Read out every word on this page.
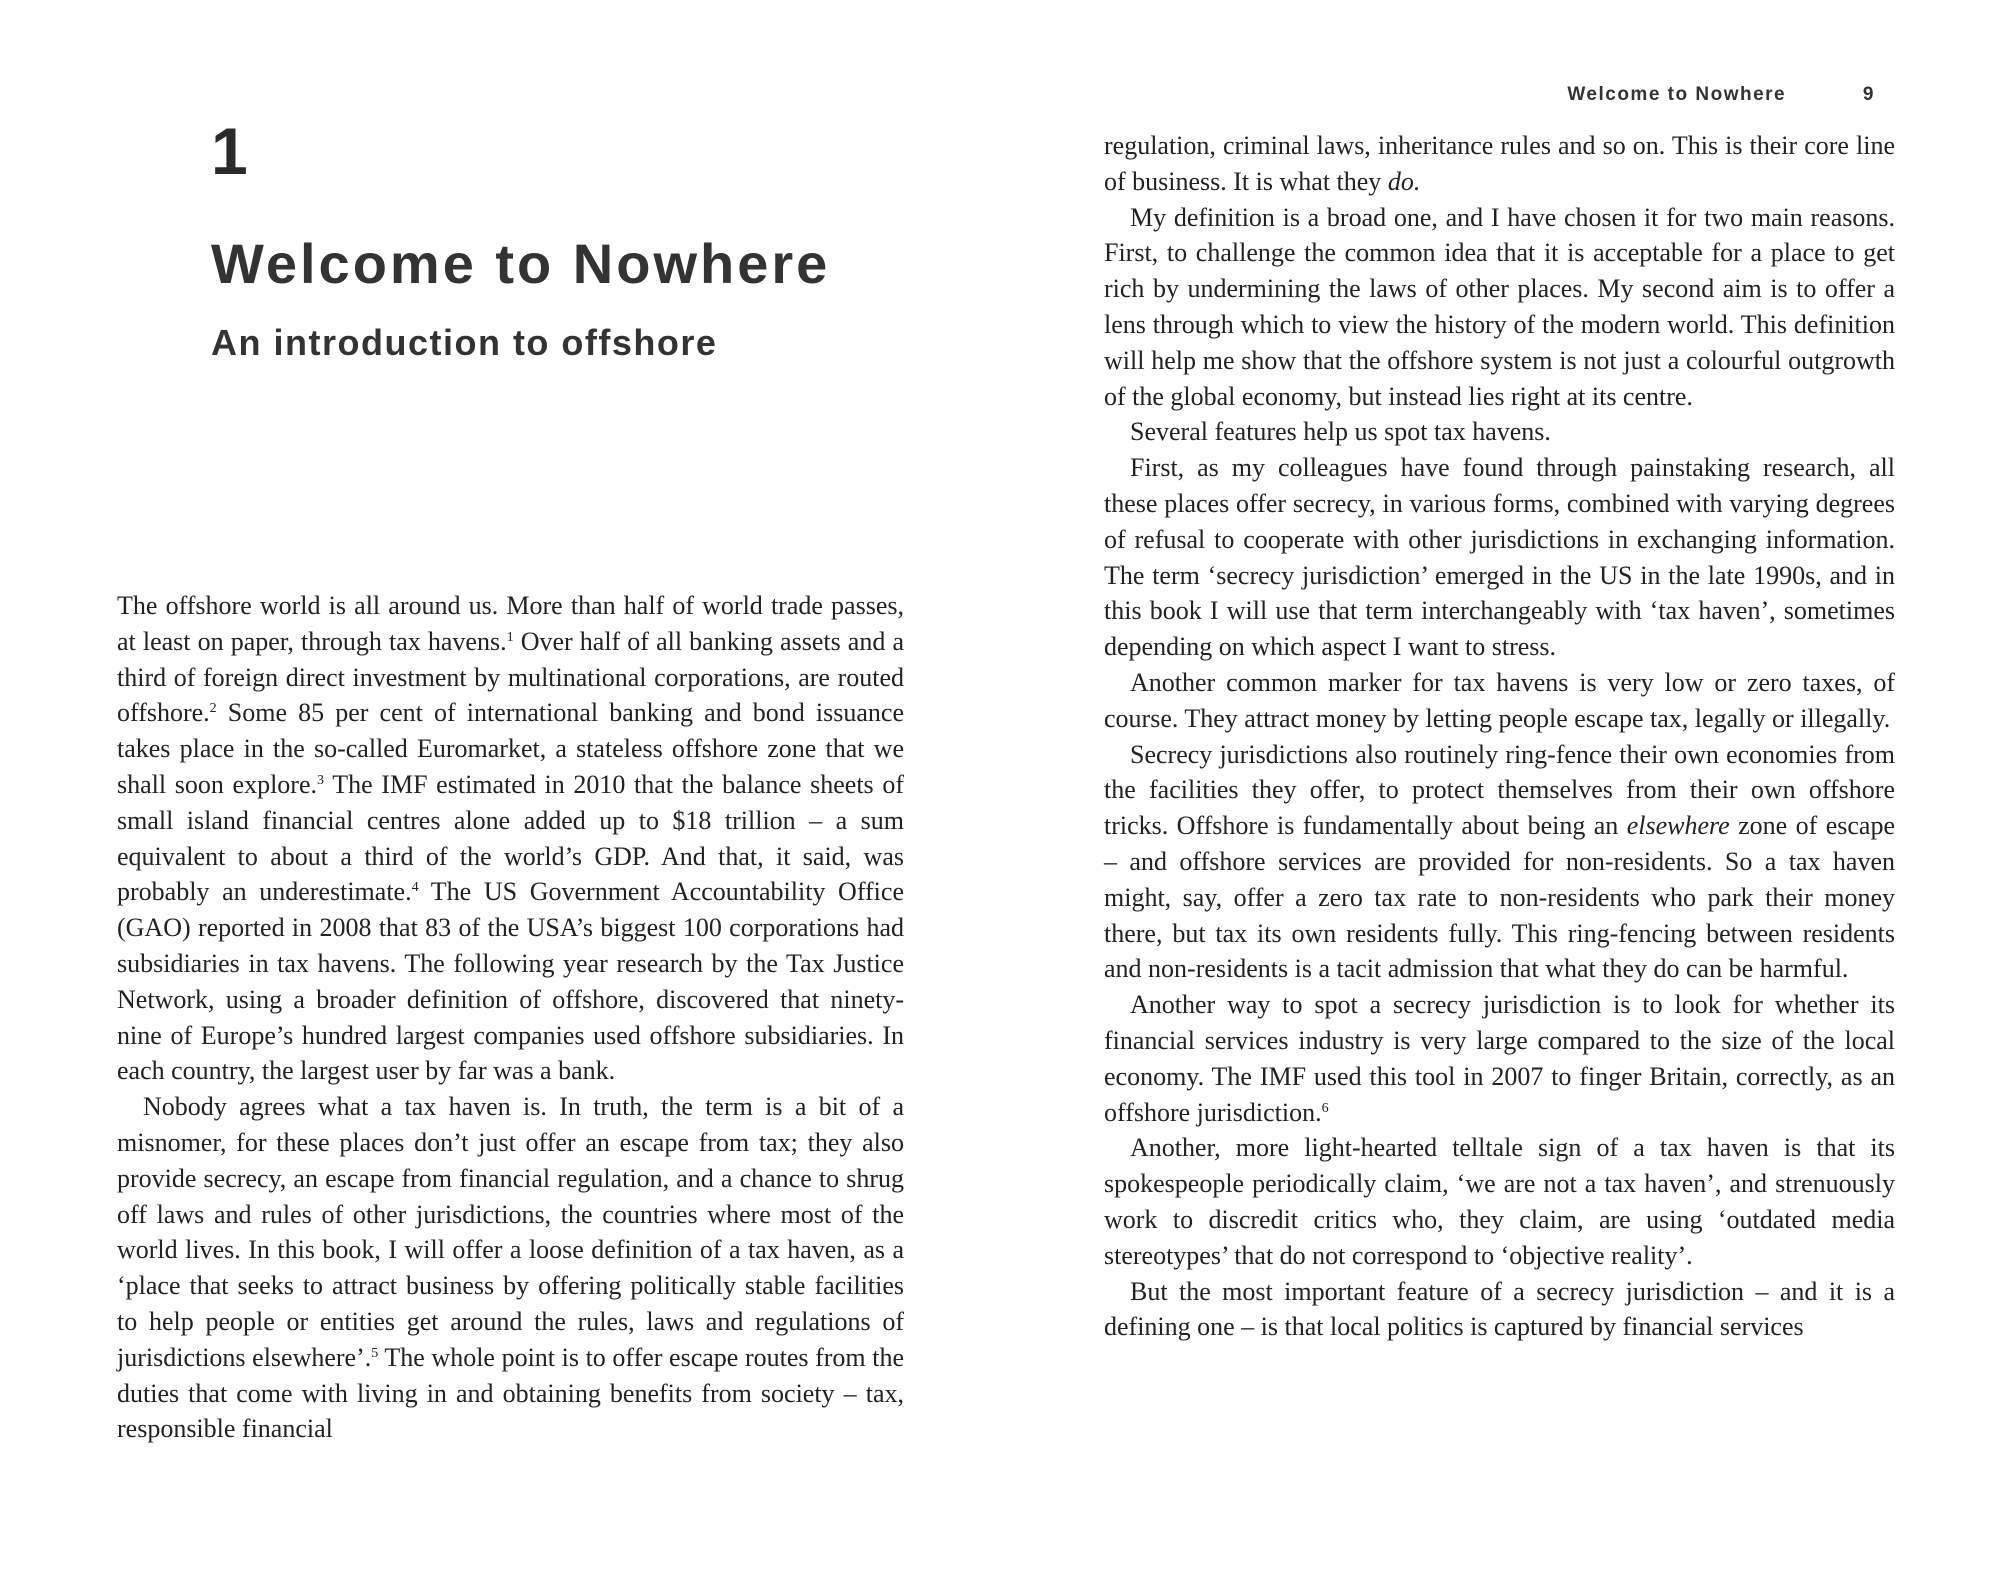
1
Welcome to Nowhere
An introduction to offshore

The offshore world is all around us. More than half of world trade passes, at least on paper, through tax havens.$^1$ Over half of all banking assets and a third of foreign direct investment by multinational corporations, are routed offshore.$^2$ Some 85 per cent of international banking and bond issuance takes place in the so-called Euromarket, a stateless offshore zone that we shall soon explore.$^3$ The IMF estimated in 2010 that the balance sheets of small island financial centres alone added up to $18 trillion – a sum equivalent to about a third of the world’s GDP. And that, it said, was probably an underestimate.$^4$ The US Government Accountability Office (GAO) reported in 2008 that 83 of the USA’s biggest 100 corporations had subsidiaries in tax havens. The following year research by the Tax Justice Network, using a broader definition of offshore, discovered that ninety-nine of Europe’s hundred largest companies used offshore subsidiaries. In each country, the largest user by far was a bank.

Nobody agrees what a tax haven is. In truth, the term is a bit of a misnomer, for these places don’t just offer an escape from tax; they also provide secrecy, an escape from financial regulation, and a chance to shrug off laws and rules of other jurisdictions, the countries where most of the world lives. In this book, I will offer a loose definition of a tax haven, as a ‘place that seeks to attract business by offering politically stable facilities to help people or entities get around the rules, laws and regulations of jurisdictions elsewhere’.$^5$ The whole point is to offer escape routes from the duties that come with living in and obtaining benefits from society – tax, responsible financial

Welcome to Nowhere	9

regulation, criminal laws, inheritance rules and so on. This is their core line of business. It is what they do.

My definition is a broad one, and I have chosen it for two main reasons. First, to challenge the common idea that it is acceptable for a place to get rich by undermining the laws of other places. My second aim is to offer a lens through which to view the history of the modern world. This definition will help me show that the offshore system is not just a colourful outgrowth of the global economy, but instead lies right at its centre.

Several features help us spot tax havens.

First, as my colleagues have found through painstaking research, all these places offer secrecy, in various forms, combined with varying degrees of refusal to cooperate with other jurisdictions in exchanging information. The term ‘secrecy jurisdiction’ emerged in the US in the late 1990s, and in this book I will use that term interchangeably with ‘tax haven’, sometimes depending on which aspect I want to stress.

Another common marker for tax havens is very low or zero taxes, of course. They attract money by letting people escape tax, legally or illegally.

Secrecy jurisdictions also routinely ring-fence their own economies from the facilities they offer, to protect themselves from their own offshore tricks. Offshore is fundamentally about being an elsewhere zone of escape – and offshore services are provided for non-residents. So a tax haven might, say, offer a zero tax rate to non-residents who park their money there, but tax its own residents fully. This ring-fencing between residents and non-residents is a tacit admission that what they do can be harmful.

Another way to spot a secrecy jurisdiction is to look for whether its financial services industry is very large compared to the size of the local economy. The IMF used this tool in 2007 to finger Britain, correctly, as an offshore jurisdiction.$^6$

Another, more light-hearted telltale sign of a tax haven is that its spokespeople periodically claim, ‘we are not a tax haven’, and strenuously work to discredit critics who, they claim, are using ‘outdated media stereotypes’ that do not correspond to ‘objective reality’.

But the most important feature of a secrecy jurisdiction – and it is a defining one – is that local politics is captured by financial services
